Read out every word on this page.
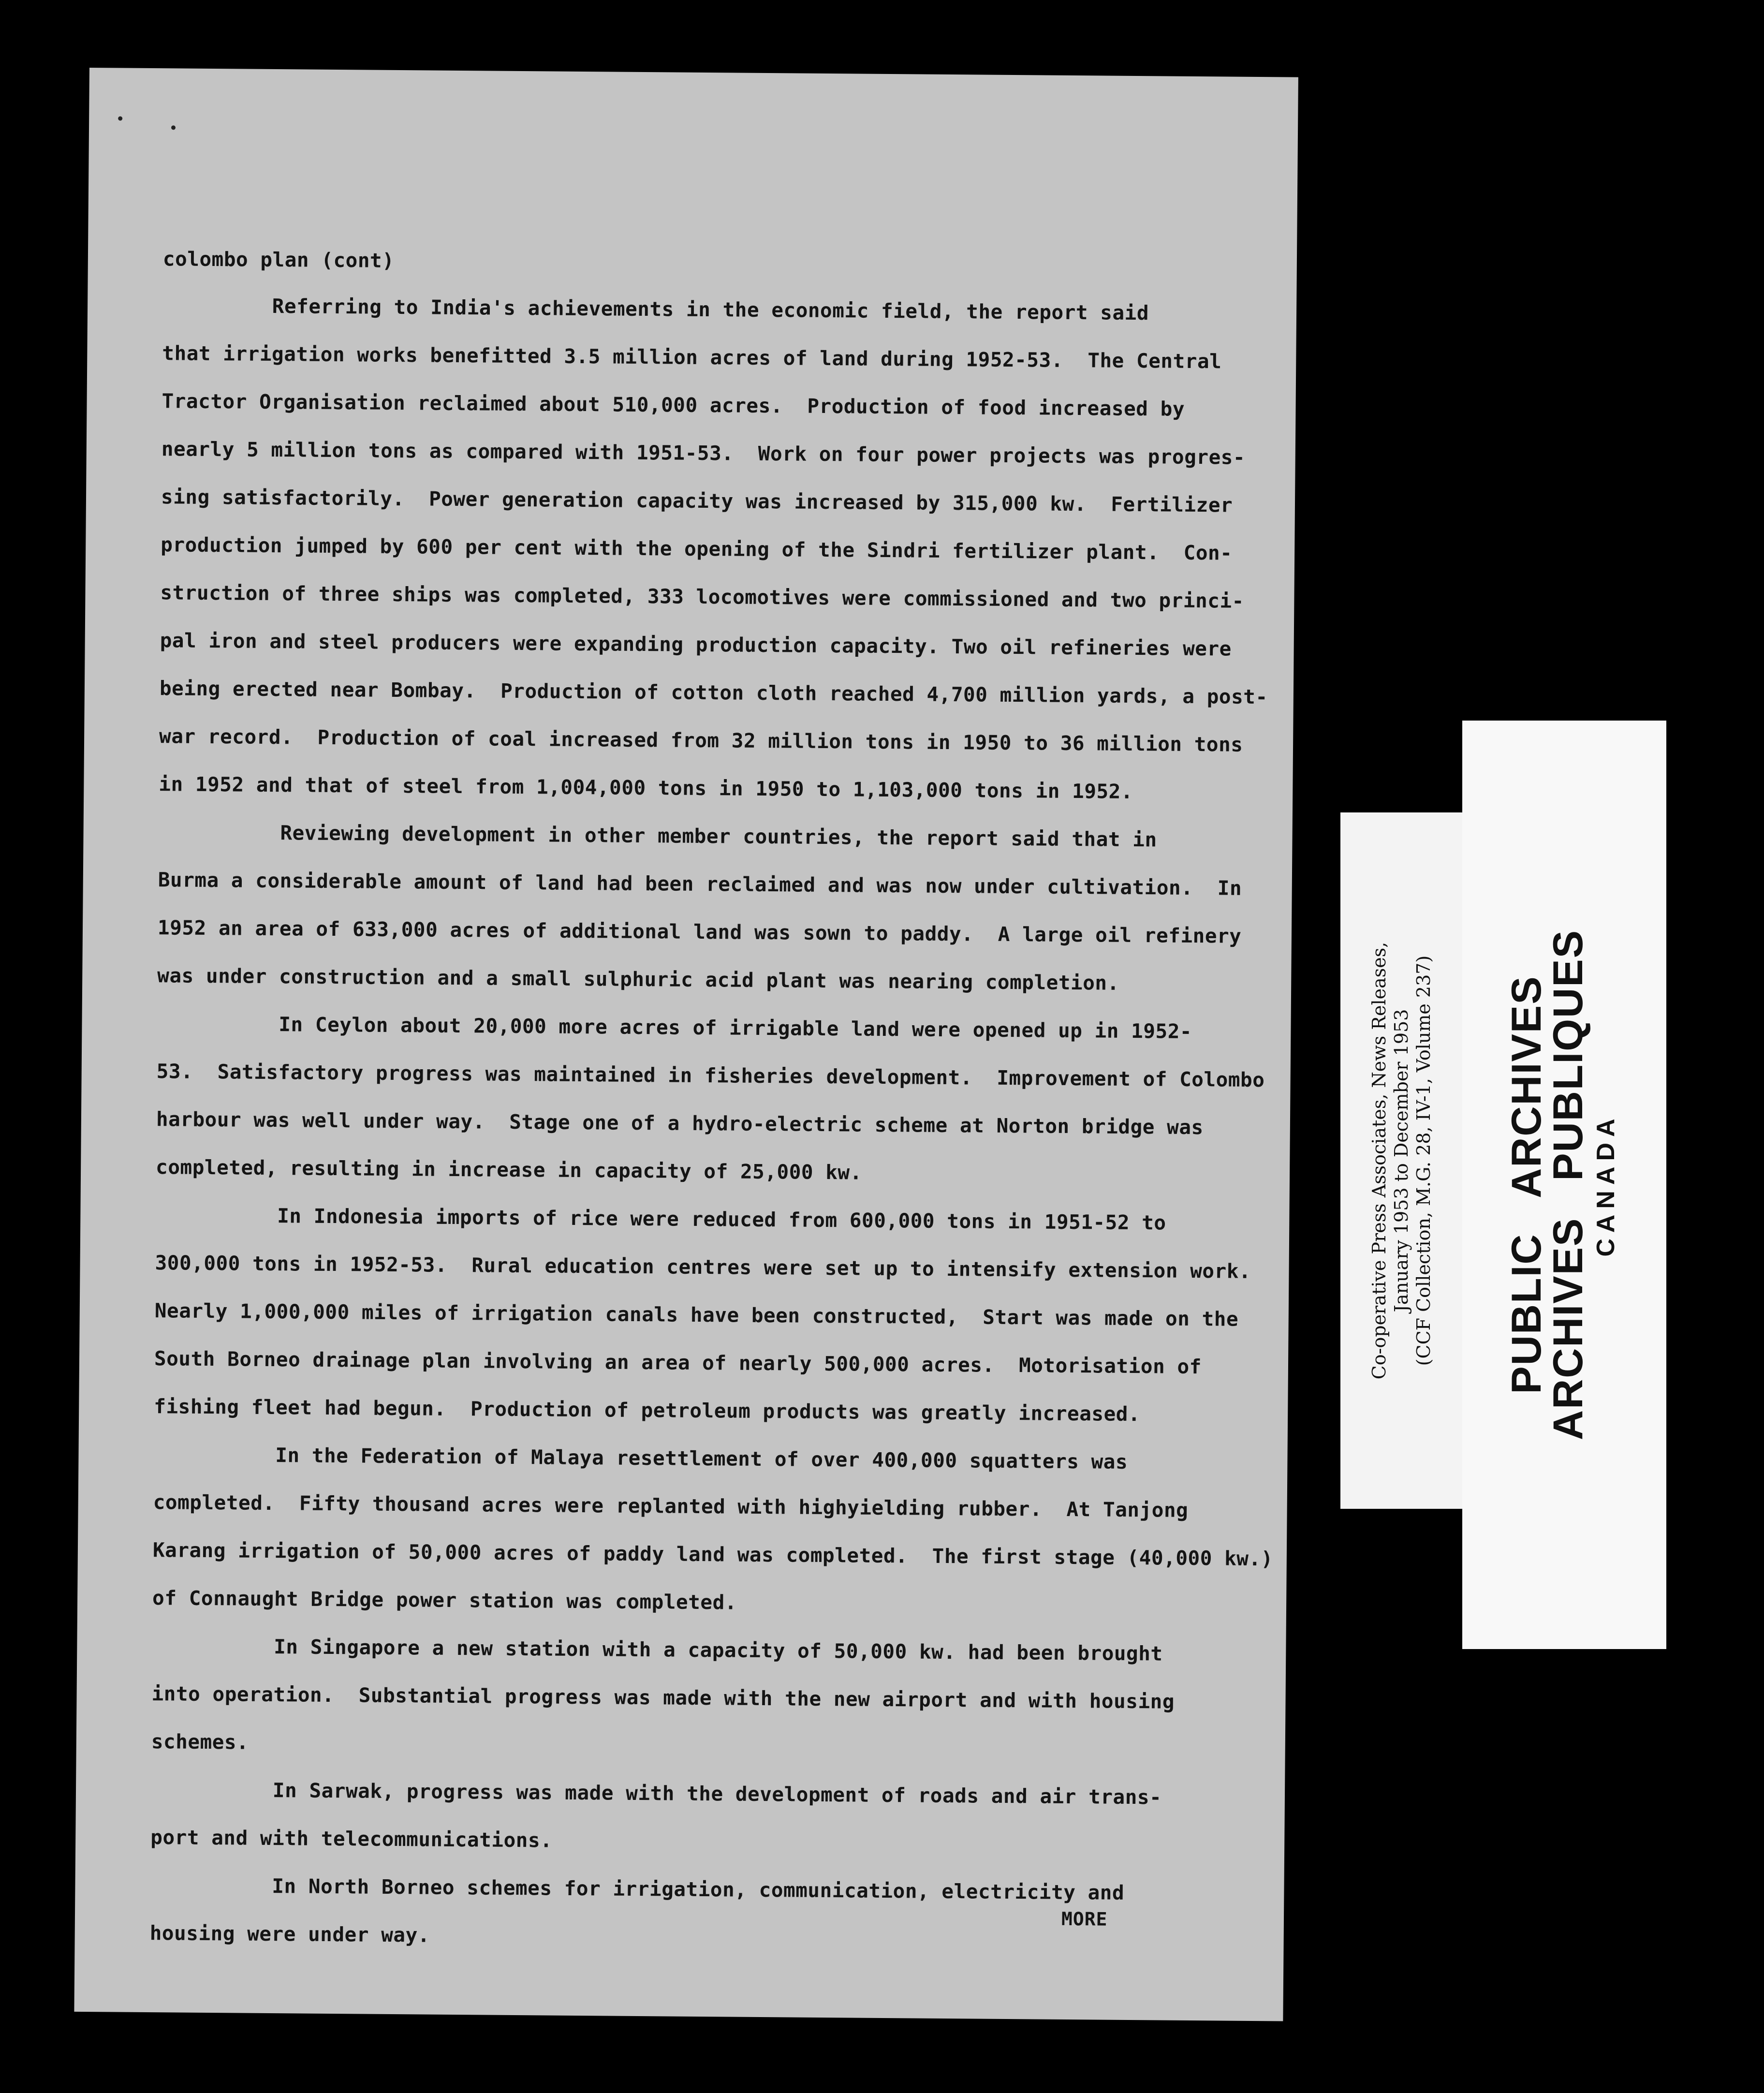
colombo plan (cont)

Referring to India's achievements in the economic field, the report said

that irrigation works benefitted 3.5 million acres of land during 1952-53.  The Central

Tractor Organisation reclaimed about 510,000 acres.  Production of food increased by

nearly 5 million tons as compared with 1951-53.  Work on four power projects was progres-

sing satisfactorily.  Power generation capacity was increased by 315,000 kw.  Fertilizer

production jumped by 600 per cent with the opening of the Sindri fertilizer plant.  Con-

struction of three ships was completed, 333 locomotives were commissioned and two princi-

pal iron and steel producers were expanding production capacity. Two oil refineries were

being erected near Bombay.  Production of cotton cloth reached 4,700 million yards, a post-

war record.  Production of coal increased from 32 million tons in 1950 to 36 million tons

in 1952 and that of steel from 1,004,000 tons in 1950 to 1,103,000 tons in 1952.

Reviewing development in other member countries, the report said that in

Burma a considerable amount of land had been reclaimed and was now under cultivation.  In

1952 an area of 633,000 acres of additional land was sown to paddy.  A large oil refinery

was under construction and a small sulphuric acid plant was nearing completion.

In Ceylon about 20,000 more acres of irrigable land were opened up in 1952-

53.  Satisfactory progress was maintained in fisheries development.  Improvement of Colombo

harbour was well under way.  Stage one of a hydro-electric scheme at Norton bridge was

completed, resulting in increase in capacity of 25,000 kw.

In Indonesia imports of rice were reduced from 600,000 tons in 1951-52 to

300,000 tons in 1952-53.  Rural education centres were set up to intensify extension work.

Nearly 1,000,000 miles of irrigation canals have been constructed,  Start was made on the

South Borneo drainage plan involving an area of nearly 500,000 acres.  Motorisation of

fishing fleet had begun.  Production of petroleum products was greatly increased.

In the Federation of Malaya resettlement of over 400,000 squatters was

completed.  Fifty thousand acres were replanted with highyielding rubber.  At Tanjong

Karang irrigation of 50,000 acres of paddy land was completed.  The first stage (40,000 kw.)

of Connaught Bridge power station was completed.

In Singapore a new station with a capacity of 50,000 kw. had been brought

into operation.  Substantial progress was made with the new airport and with housing

schemes.

In Sarwak, progress was made with the development of roads and air trans-

port and with telecommunications.

In North Borneo schemes for irrigation, communication, electricity and

housing were under way.

MORE
Co-operative Press Associates, News Releases, January 1953 to December 1953 (CCF Collection, M.G. 28, IV-1, Volume 237) PUBLIC ARCHIVES
ARCHIVES PUBLIQUES CANADA
